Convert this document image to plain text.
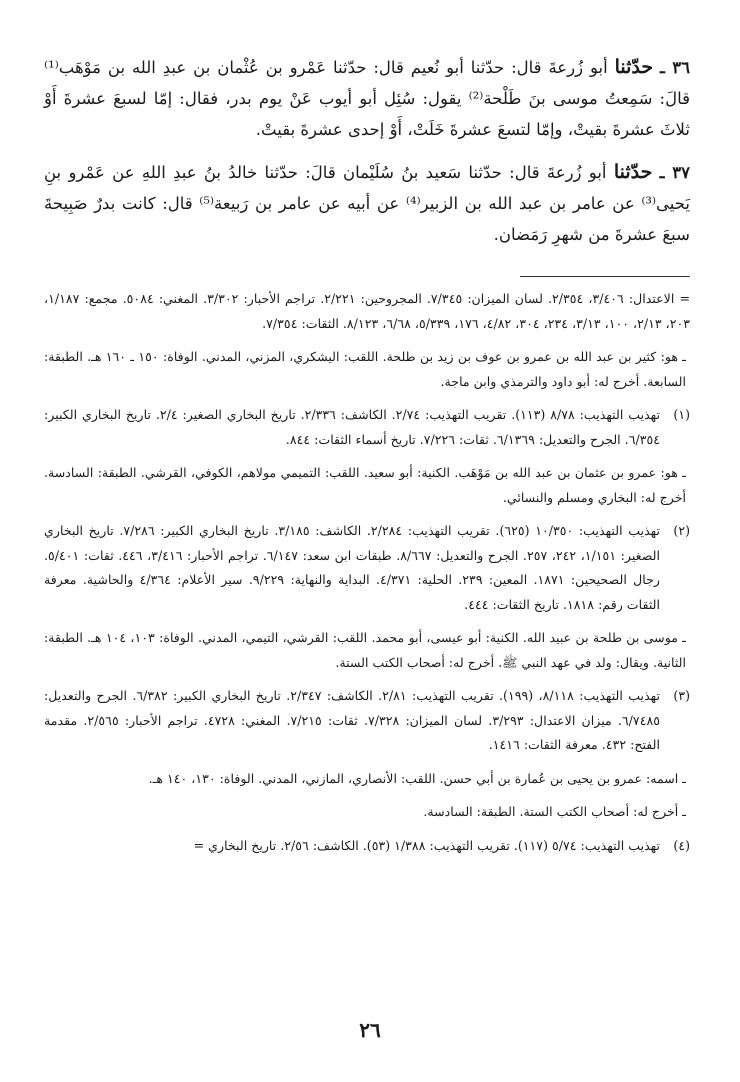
٣٦ ـ حدّثنا أبو زُرعةَ قال: حدّثنا أبو نُعيم قال: حدّثنا عَمْرو بن عُثْمان بن عبدِ الله بن مَوْهَب⁽¹⁾ قالَ: سَمِعتُ موسى بنَ طَلْحة⁽²⁾ يقول: سُئِل أبو أيوب عَنْ يوم بدر، فقال: إمّا لسبعَ عشرةَ أَوْ ثلاثَ عشرةَ بقيتْ، وإمّا لتسعَ عشرةَ خَلَتْ، أَوْ إحدى عشرةَ بقيتْ.

٣٧ ـ حدّثنا أبو زُرعةَ قال: حدّثنا سَعيد بنُ سُلَيْمان قالَ: حدّثنا خالدُ بنُ عبدِ اللهِ عن عَمْرو بنِ يَحيى⁽³⁾ عن عامر بن عبد الله بن الزبير⁽⁴⁾ عن أبيه عن عامر بن رَبيعة⁽⁵⁾ قال: كانت بدرٌ صَبِيحةَ سبعَ عشرةَ من شهرِ رَمَضان.

= الاعتدال: ٣/٤٠٦، ٢/٣٥٤. لسان الميزان: ٧/٣٤٥. المجروحين: ٢/٢٢١. تراجم الأحبار: ٣/٣٠٢. المغني: ٥٠٨٤. مجمع: ١/١٨٧، ٢٠٣، ٢/١٣، ١٠٠، ٣/١٣، ٢٣٤، ٣٠٤، ٤/٨٢، ١٧٦، ٥/٣٣٩، ٦/٦٨، ٨/١٢٣. الثقات: ٧/٣٥٤.
ـ هو: كثير بن عبد الله بن عمرو بن عوف بن زيد بن طلحة. اللقب: اليشكري، المزني، المدني. الوفاة: ١٥٠ ـ ١٦٠ هـ. الطبقة: السابعة. أخرج له: أبو داود والترمذي وابن ماجة.
(١)
تهذيب التهذيب: ٨/٧٨ (١١٣). تقريب التهذيب: ٢/٧٤. الكاشف: ٢/٣٣٦. تاريخ البخاري الصغير: ٢/٤. تاريخ البخاري الكبير: ٦/٣٥٤. الجرح والتعديل: ٦/١٣٦٩. ثقات: ٧/٢٢٦. تاريخ أسماء الثقات: ٨٤٤.
ـ هو: عمرو بن عثمان بن عبد الله بن مَوْهَب. الكنية: أبو سعيد. اللقب: التميمي مولاهم، الكوفي، القرشي. الطبقة: السادسة. أخرج له: البخاري ومسلم والنسائي.
(٢)
تهذيب التهذيب: ١٠/٣٥٠ (٦٢٥). تقريب التهذيب: ٢/٢٨٤. الكاشف: ٣/١٨٥. تاريخ البخاري الكبير: ٧/٢٨٦. تاريخ البخاري الصغير: ١/١٥١، ٢٤٢، ٢٥٧. الجرح والتعديل: ٨/٦٦٧. طبقات ابن سعد: ٦/١٤٧. تراجم الأحبار: ٣/٤١٦، ٤٤٦. ثقات: ٥/٤٠١. رجال الصحيحين: ١٨٧١. المعين: ٢٣٩. الحلية: ٤/٣٧١. البداية والنهاية: ٩/٢٢٩. سير الأعلام: ٤/٣٦٤ والحاشية. معرفة الثقات رقم: ١٨١٨. تاريخ الثقات: ٤٤٤.
ـ موسى بن طلحة بن عبيد الله. الكنية: أبو عيسى، أبو محمد. اللقب: القرشي، التيمي، المدني. الوفاة: ١٠٣، ١٠٤ هـ. الطبقة: الثانية. ويقال: ولد في عهد النبي ﷺ. أخرج له: أصحاب الكتب الستة.
(٣)
تهذيب التهذيب: ٨/١١٨، (١٩٩). تقريب التهذيب: ٢/٨١. الكاشف: ٢/٣٤٧. تاريخ البخاري الكبير: ٦/٣٨٢. الجرح والتعديل: ٦/٧٤٨٥. ميزان الاعتدال: ٣/٢٩٣. لسان الميزان: ٧/٣٢٨. ثقات: ٧/٢١٥. المغني: ٤٧٢٨. تراجم الأحبار: ٢/٥٦٥. مقدمة الفتح: ٤٣٢. معرفة الثقات: ١٤١٦.
ـ اسمه: عمرو بن يحيى بن عُمارة بن أبي حسن. اللقب: الأنصاري، المازني، المدني. الوفاة: ١٣٠، ١٤٠ هـ.
ـ أخرج له: أصحاب الكتب الستة. الطبقة: السادسة.
(٤)
تهذيب التهذيب: ٥/٧٤ (١١٧). تقريب التهذيب: ١/٣٨٨ (٥٣). الكاشف: ٢/٥٦. تاريخ البخاري =
٢٦
